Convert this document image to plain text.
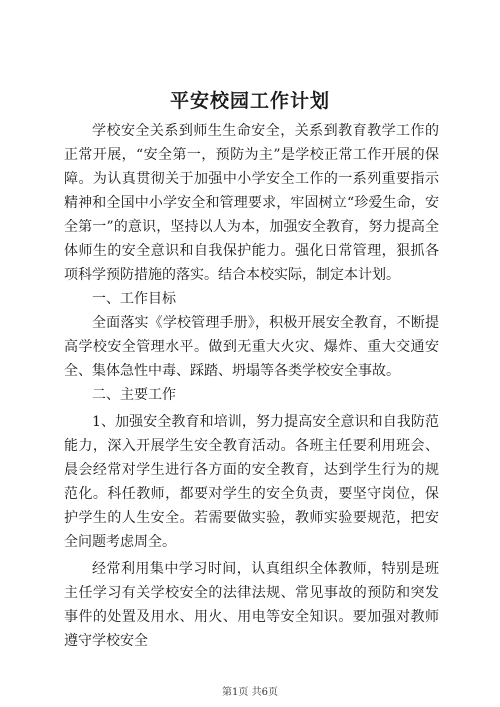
平安校园工作计划

学校安全关系到师生生命安全，关系到教育教学工作的正常开展，“安全第一，预防为主”是学校正常工作开展的保障。为认真贯彻关于加强中小学安全工作的一系列重要指示精神和全国中小学安全和管理要求，牢固树立“珍爱生命，安全第一”的意识，坚持以人为本，加强安全教育，努力提高全体师生的安全意识和自我保护能力。强化日常管理，狠抓各项科学预防措施的落实。结合本校实际，制定本计划。

一、工作目标

全面落实《学校管理手册》，积极开展安全教育，不断提高学校安全管理水平。做到无重大火灾、爆炸、重大交通安全、集体急性中毒、踩踏、坍塌等各类学校安全事故。

二、主要工作

1、加强安全教育和培训，努力提高安全意识和自我防范能力，深入开展学生安全教育活动。各班主任要利用班会、晨会经常对学生进行各方面的安全教育，达到学生行为的规范化。科任教师，都要对学生的安全负责，要坚守岗位，保护学生的人生安全。若需要做实验，教师实验要规范，把安全问题考虑周全。

经常利用集中学习时间，认真组织全体教师，特别是班主任学习有关学校安全的法律法规、常见事故的预防和突发事件的处置及用水、用火、用电等安全知识。要加强对教师遵守学校安全

第1页 共6页
